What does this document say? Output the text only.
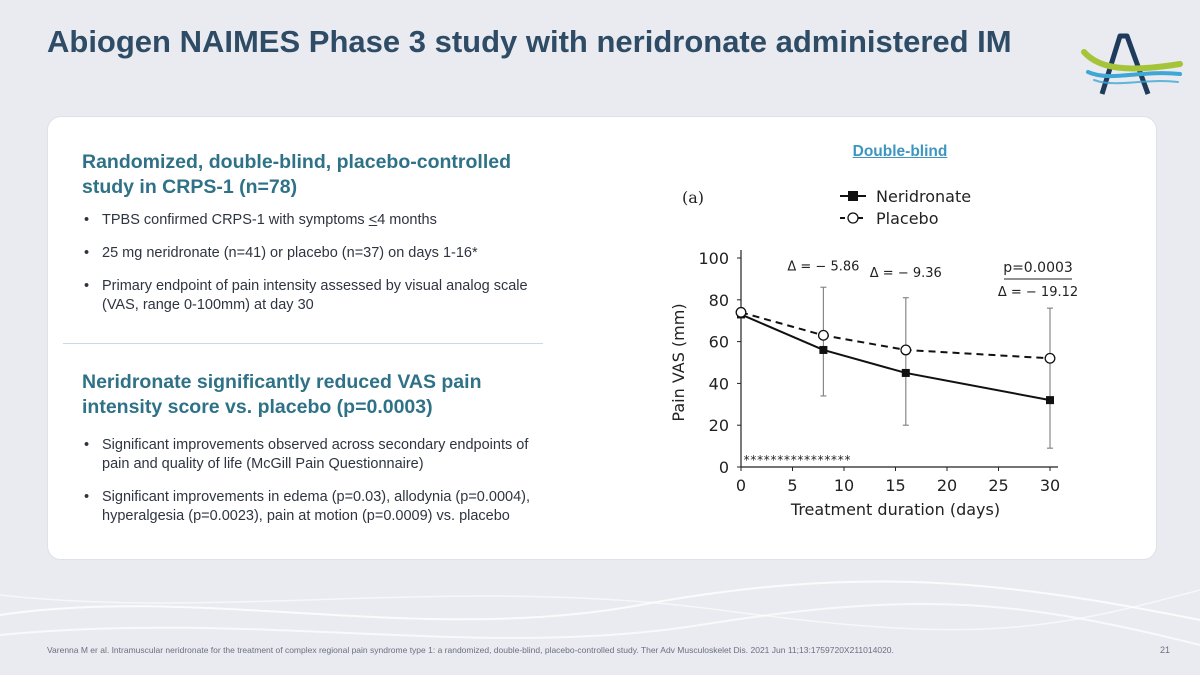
Abiogen NAIMES Phase 3 study with neridronate administered IM
Randomized, double-blind, placebo-controlled study in CRPS-1 (n=78)
• TPBS confirmed CRPS-1 with symptoms <4 months
• 25 mg neridronate (n=41) or placebo (n=37) on days 1-16*
• Primary endpoint of pain intensity assessed by visual analog scale (VAS, range 0-100mm) at day 30
Neridronate significantly reduced VAS pain intensity score vs. placebo (p=0.0003)
• Significant improvements observed across secondary endpoints of pain and quality of life (McGill Pain Questionnaire)
• Significant improvements in edema (p=0.03), allodynia (p=0.0004), hyperalgesia (p=0.0023), pain at motion (p=0.0009) vs. placebo
Double-blind
0
20
40
60
80
100
0	5 10 15 20 25 30
Treatment duration (days)
Pain VAS (mm)
(a)	Neridronate
Placebo
Δ = − 5.86 Δ = − 9.36	p=0.0003
Δ = − 19.12
****************
Varenna M er al. Intramuscular neridronate for the treatment of complex regional pain syndrome type 1: a randomized, double-blind, placebo-controlled study. Ther Adv Musculoskelet Dis. 2021 Jun 11;13:1759720X211014020.	21
